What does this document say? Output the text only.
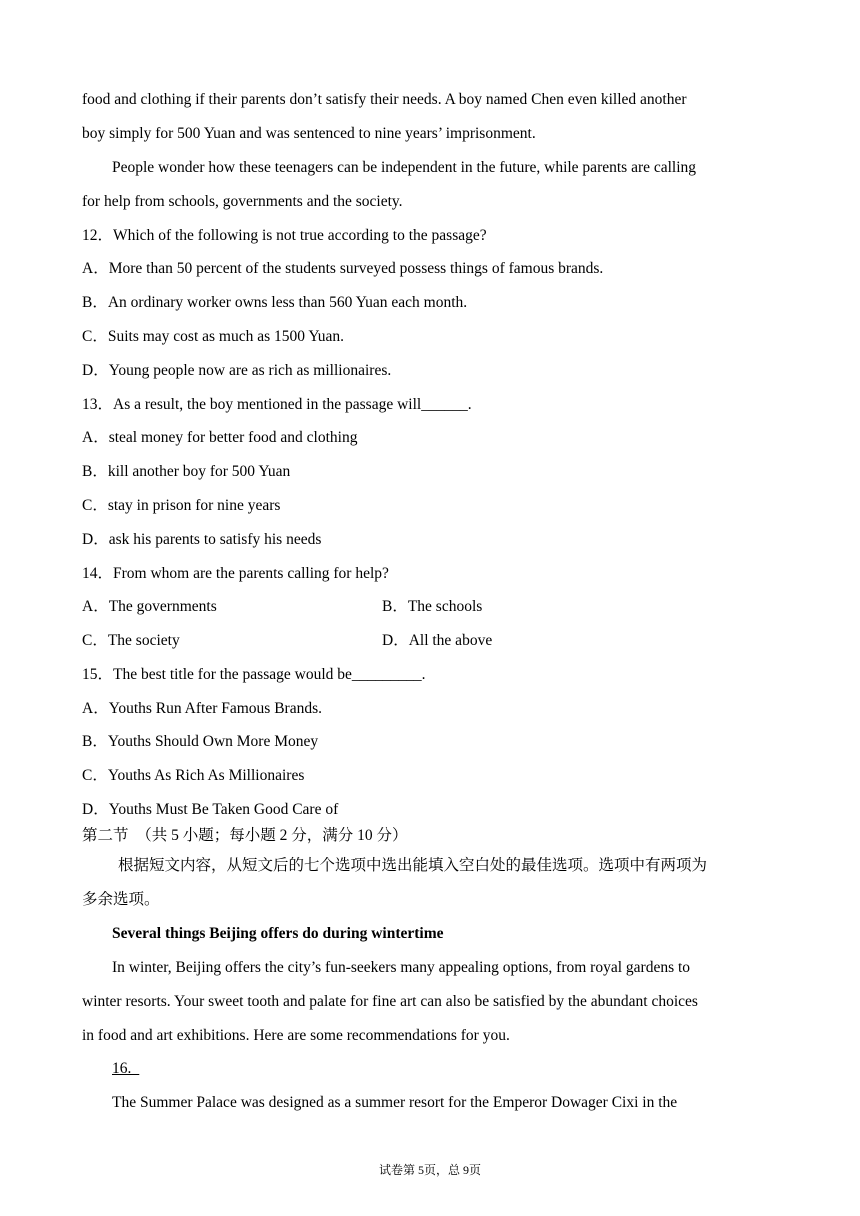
food and clothing if their parents don’t satisfy their needs. A boy named Chen even killed another
boy simply for 500 Yuan and was sentenced to nine years’ imprisonment.
People wonder how these teenagers can be independent in the future, while parents are calling
for help from schools, governments and the society.
12．Which of the following is not true according to the passage?
A．More than 50 percent of the students surveyed possess things of famous brands.
B．An ordinary worker owns less than 560 Yuan each month.
C．Suits may cost as much as 1500 Yuan.
D．Young people now are as rich as millionaires.
13．As a result, the boy mentioned in the passage will______.
A．steal money for better food and clothing
B．kill another boy for 500 Yuan
C．stay in prison for nine years
D．ask his parents to satisfy his needs
14．From whom are the parents calling for help?
A．The governments	B．The schools
C．The society	D．All the above
15．The best title for the passage would be_________.
A．Youths Run After Famous Brands.
B．Youths Should Own More Money
C．Youths As Rich As Millionaires
D．Youths Must Be Taken Good Care of
第二节　（共 5 小题；每小题 2 分，满分 10 分）
根据短文内容，从短文后的七个选项中选出能填入空白处的最佳选项。选项中有两项为
多余选项。
Several things Beijing offers do during wintertime
In winter, Beijing offers the city’s fun-seekers many appealing options, from royal gardens to
winter resorts. Your sweet tooth and palate for fine art can also be satisfied by the abundant choices
in food and art exhibitions. Here are some recommendations for you.
16._
The Summer Palace was designed as a summer resort for the Emperor Dowager Cixi in the
试卷第 5页，总 9页
